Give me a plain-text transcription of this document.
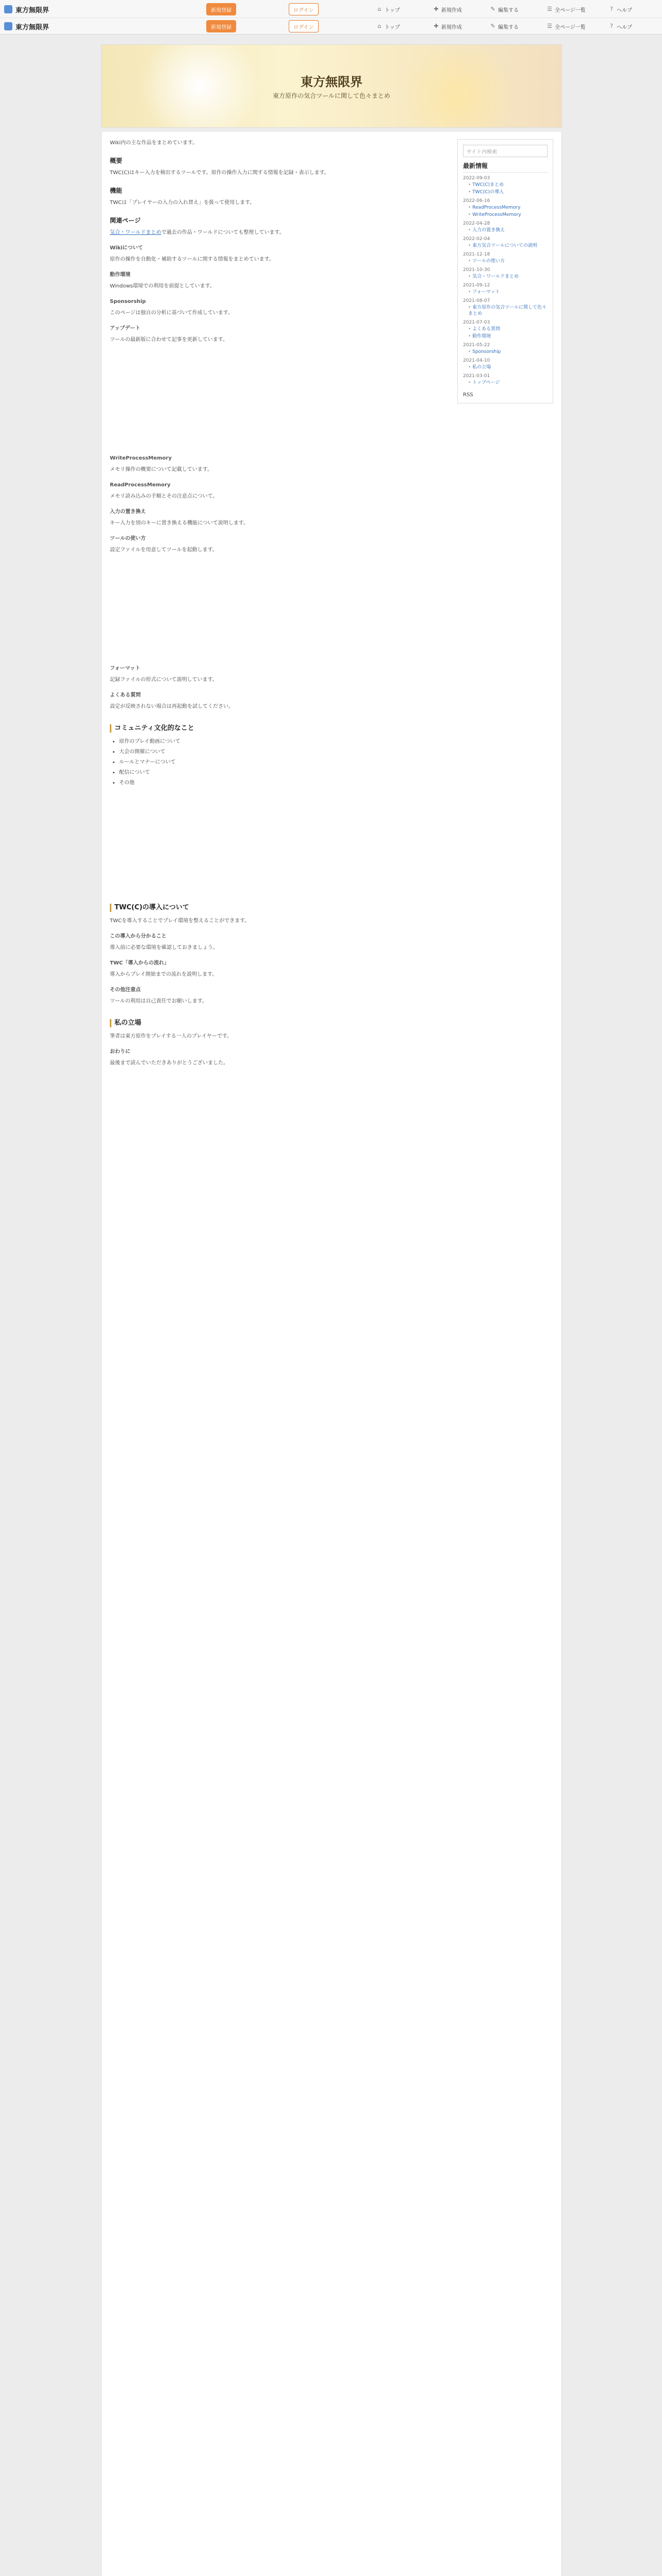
東方無限界	新規登録	ログイン	⌂ トップ	✚ 新規作成	✎ 編集する	☰ 全ページ一覧	? ヘルプ
東方無限界	新規登録	ログイン	⌂ トップ	✚ 新規作成	✎ 編集する	☰ 全ページ一覧	? ヘルプ
東方無限界
東方原作の気合ツールに関して色々まとめ

Wiki内の主な作品をまとめています。

概要

TWC(C)はキー入力を検出するツールです。原作の操作入力に関する情報を記録・表示します。

機能

TWCは「プレイヤーの入力の入れ替え」を扱って使用します。

関連ページ

気合・ワールドまとめで過去の作品・ワールドについても整理しています。

Wikiについて

原作の操作を自動化・補助するツールに関する情報をまとめています。

動作環境

Windows環境での利用を前提としています。

Sponsorship

このページは独自の分析に基づいて作成しています。

アップデート

ツールの最新版に合わせて記事を更新しています。

WriteProcessMemory

メモリ操作の概要について記載しています。

ReadProcessMemory

メモリ読み込みの手順とその注意点について。

入力の置き換え

キー入力を別のキーに置き換える機能について説明します。

ツールの使い方

設定ファイルを用意してツールを起動します。

フォーマット

記録ファイルの形式について説明しています。

よくある質問

設定が反映されない場合は再起動を試してください。

コミュニティ文化的なこと
• 原作のプレイ動画について
• 大会の開催について
• ルールとマナーについて
• 配信について
• その他
TWC(C)の導入について

TWCを導入することでプレイ環境を整えることができます。

この導入から分かること

導入前に必要な環境を確認しておきましょう。

TWC「導入からの流れ」

導入からプレイ開始までの流れを説明します。

その他注意点

ツールの利用は自己責任でお願いします。

私の立場

筆者は東方原作をプレイする一人のプレイヤーです。

おわりに

最後まで読んでいただきありがとうございました。

サイト内検索
最新情報
2022-09-03
• TWC(C)まとめ
• TWC(C)の導入
2022-06-16
• ReadProcessMemory
• WriteProcessMemory
2022-04-28
• 入力の置き換え
2022-02-04
• 東方気合ツールについての説明
2021-12-18
• ツールの使い方
2021-10-30
• 気合・ワールドまとめ
2021-09-12
• フォーマット
2021-08-07
• 東方原作の気合ツールに関して色々まとめ
2021-07-03
• よくある質問
• 動作環境
2021-05-22
• Sponsorship
2021-04-10
• 私の立場
2021-03-01
• トップページ
RSS
